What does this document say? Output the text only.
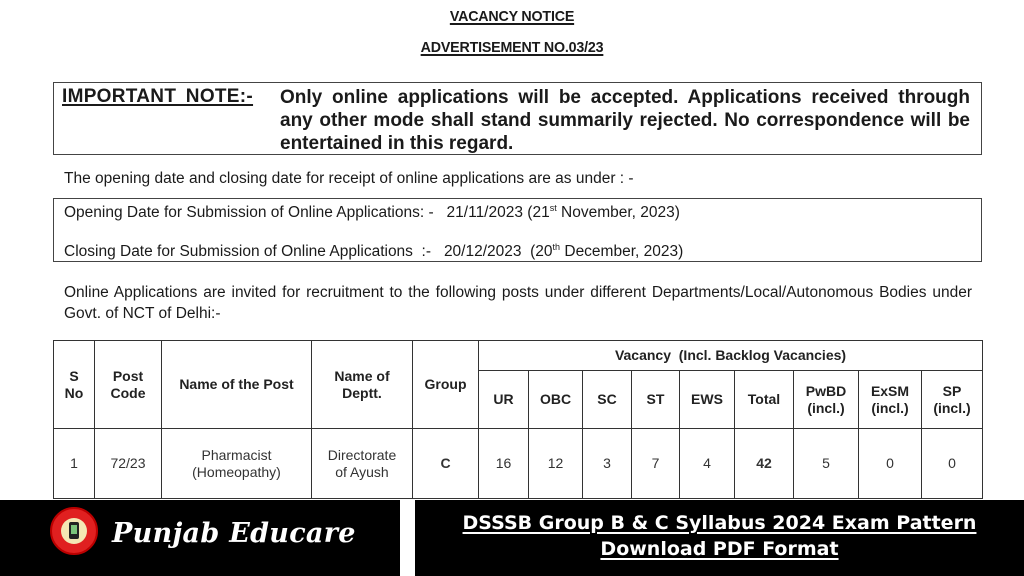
VACANCY NOTICE
ADVERTISEMENT NO.03/23
IMPORTANT NOTE:- Only online applications will be accepted. Applications received through any other mode shall stand summarily rejected. No correspondence will be entertained in this regard.
The opening date and closing date for receipt of online applications are as under : -
Opening Date for Submission of Online Applications: - 21/11/2023 (21st November, 2023)
Closing Date for Submission of Online Applications  :- 20/12/2023 (20th December, 2023)
Online Applications are invited for recruitment to the following posts under different Departments/Local/Autonomous Bodies under Govt. of NCT of Delhi:-
S No	Post Code	Name of the Post	Name of Deptt.	Group	Vacancy  (Incl. Backlog Vacancies)								
					UR	OBC	SC	ST	EWS	Total	PwBD (incl.)	ExSM (incl.)	SP (incl.)
1	72/23	Pharmacist (Homeopathy)	Directorate of Ayush	C	16	12	3	7	4	42	5	0	0
Punjab Educare	DSSSB Group B & C Syllabus 2024 Exam Pattern
Download PDF Format
